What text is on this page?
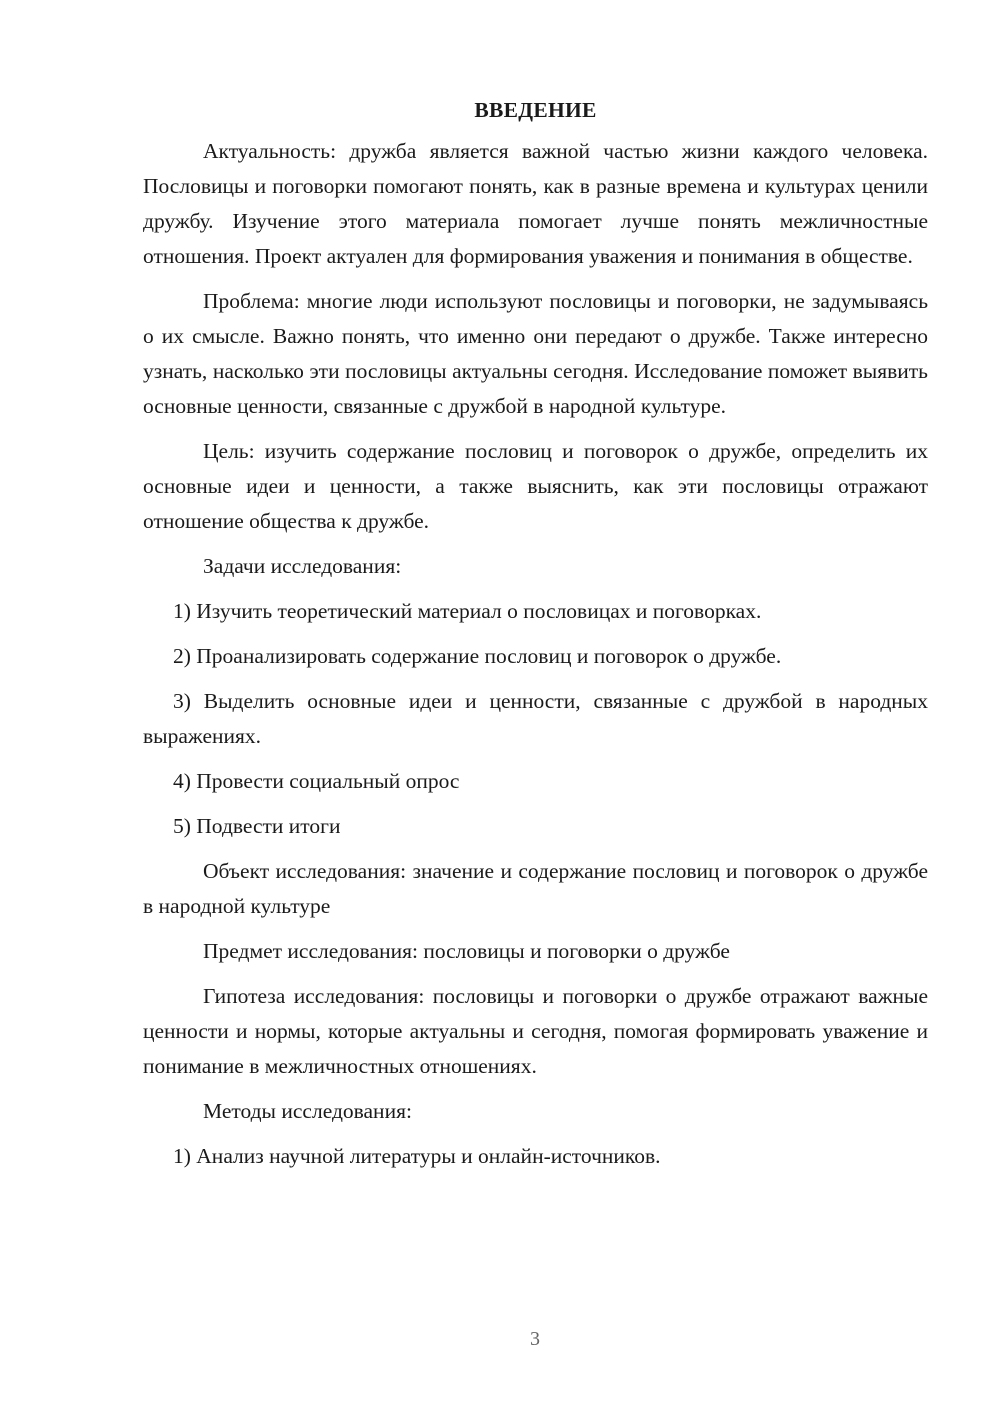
ВВЕДЕНИЕ

Актуальность: дружба является важной частью жизни каждого человека. Пословицы и поговорки помогают понять, как в разные времена и культурах ценили дружбу. Изучение этого материала помогает лучше понять межличностные отношения. Проект актуален для формирования уважения и понимания в обществе.

Проблема: многие люди используют пословицы и поговорки, не задумываясь о их смысле. Важно понять, что именно они передают о дружбе. Также интересно узнать, насколько эти пословицы актуальны сегодня. Исследование поможет выявить основные ценности, связанные с дружбой в народной культуре.

Цель: изучить содержание пословиц и поговорок о дружбе, определить их основные идеи и ценности, а также выяснить, как эти пословицы отражают отношение общества к дружбе.

Задачи исследования:

1) Изучить теоретический материал о пословицах и поговорках.

2) Проанализировать содержание пословиц и поговорок о дружбе.

3) Выделить основные идеи и ценности, связанные с дружбой в народных выражениях.

4) Провести социальный опрос

5) Подвести итоги

Объект исследования: значение и содержание пословиц и поговорок о дружбе в народной культуре

Предмет исследования: пословицы и поговорки о дружбе

Гипотеза исследования: пословицы и поговорки о дружбе отражают важные ценности и нормы, которые актуальны и сегодня, помогая формировать уважение и понимание в межличностных отношениях.

Методы исследования:

1) Анализ научной литературы и онлайн-источников.

3
